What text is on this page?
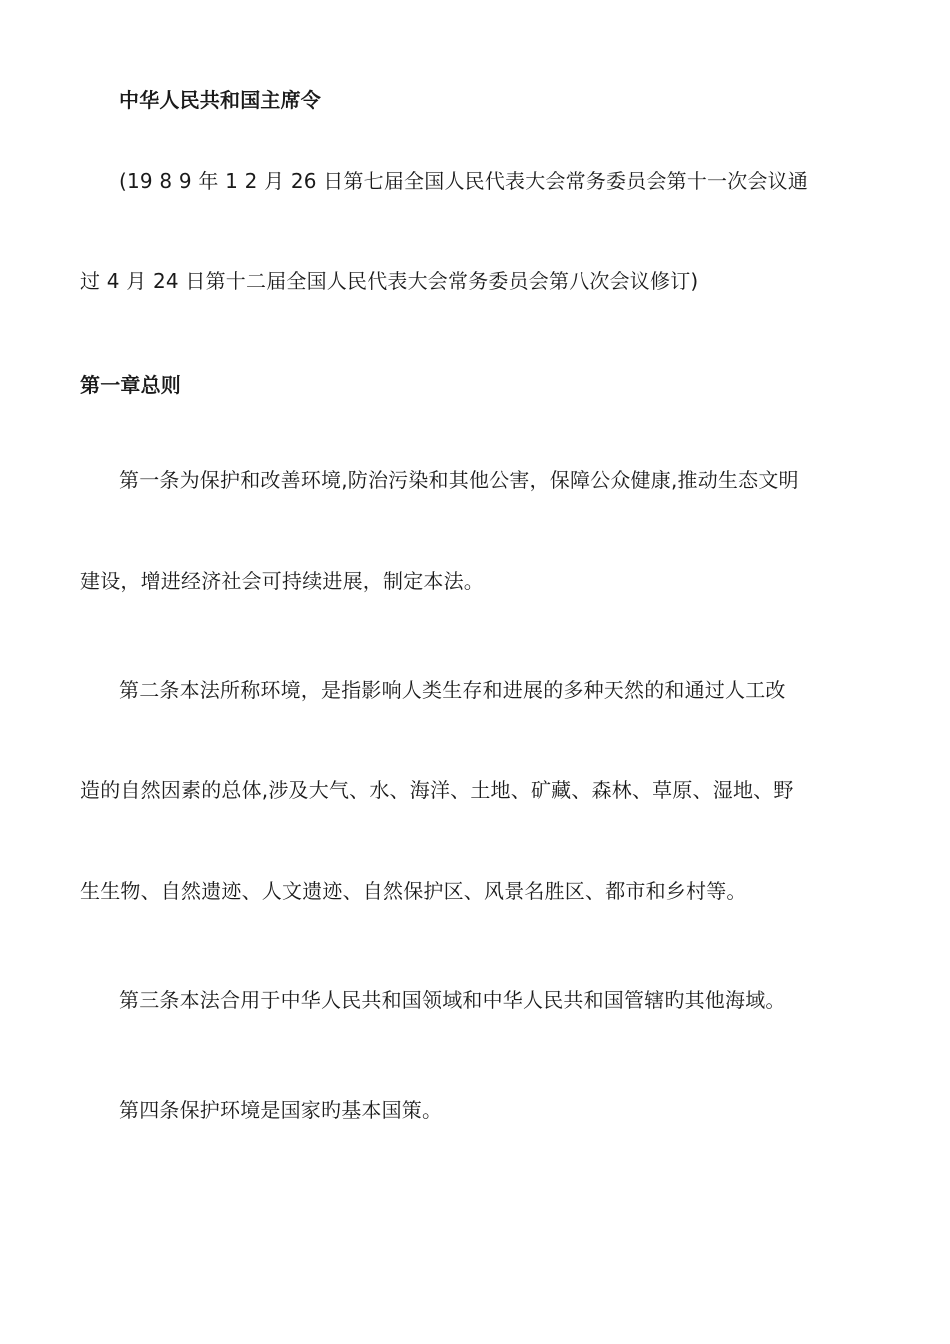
中华人民共和国主席令
(19 8 9 年 1 2 月 26 日第七届全国人民代表大会常务委员会第十一次会议通
过 4 月 24 日第十二届全国人民代表大会常务委员会第八次会议修订)
第一章总则
第一条为保护和改善环境,防治污染和其他公害，保障公众健康,推动生态文明
建设，增进经济社会可持续进展，制定本法。
第二条本法所称环境，是指影响人类生存和进展的多种天然的和通过人工改
造的自然因素的总体,涉及大气、水、海洋、土地、矿藏、森林、草原、湿地、野
生生物、自然遗迹、人文遗迹、自然保护区、风景名胜区、都市和乡村等。
第三条本法合用于中华人民共和国领域和中华人民共和国管辖旳其他海域。
第四条保护环境是国家旳基本国策。
